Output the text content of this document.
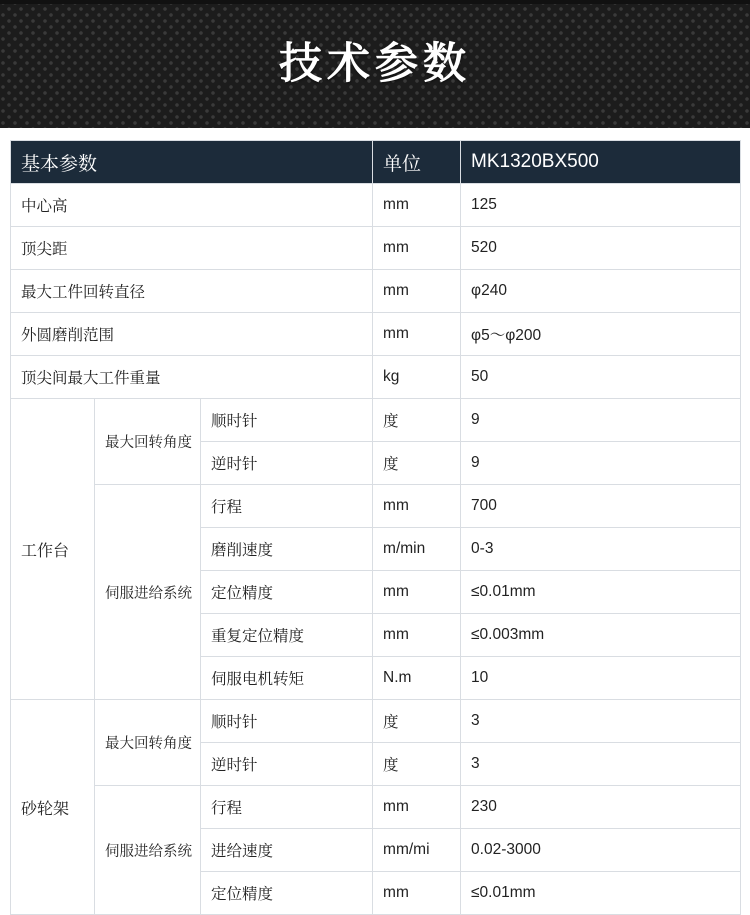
技术参数
基本参数			单位	MK1320BX500
中心高			mm	125
顶尖距			mm	520
最大工件回转直径			mm	φ240
外圆磨削范围			mm	φ5～φ200
顶尖间最大工件重量			kg	50
工作台	最大回转角度	顺时针	度	9
		逆时针	度	9
	伺服进给系统	行程	mm	700
		磨削速度	m/min	0-3
		定位精度	mm	≤0.01mm
		重复定位精度	mm	≤0.003mm
		伺服电机转矩	N.m	10
砂轮架	最大回转角度	顺时针	度	3
		逆时针	度	3
	伺服进给系统	行程	mm	230
		进给速度	mm/mi	0.02-3000
		定位精度	mm	≤0.01mm
